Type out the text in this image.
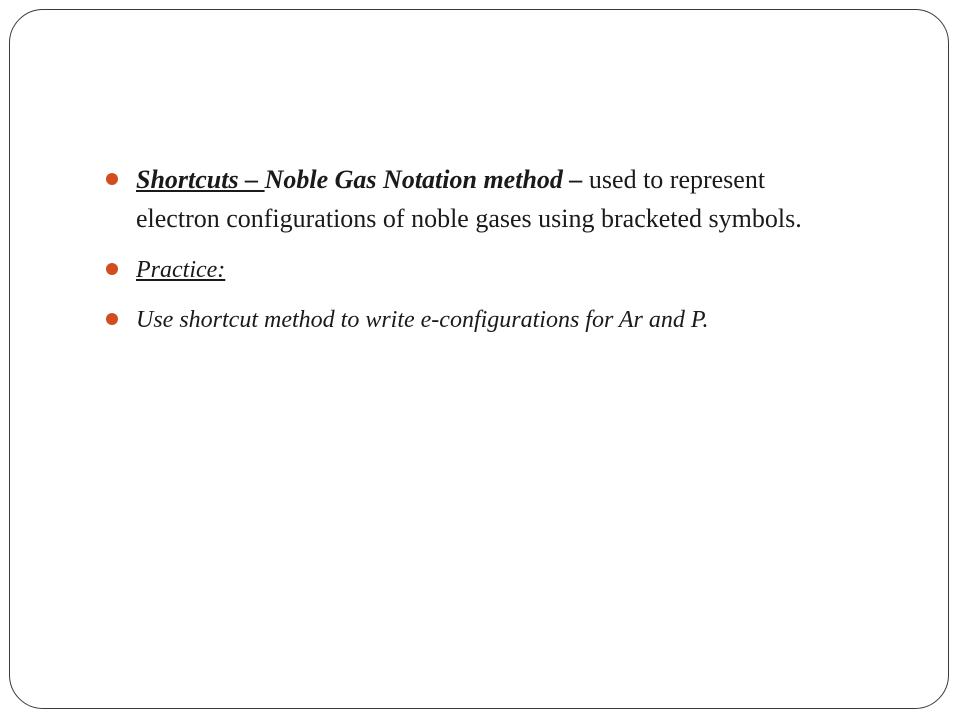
Shortcuts – Noble Gas Notation method – used to represent electron configurations of noble gases using bracketed symbols.
Practice:
Use shortcut method to write e-configurations for Ar and P.
